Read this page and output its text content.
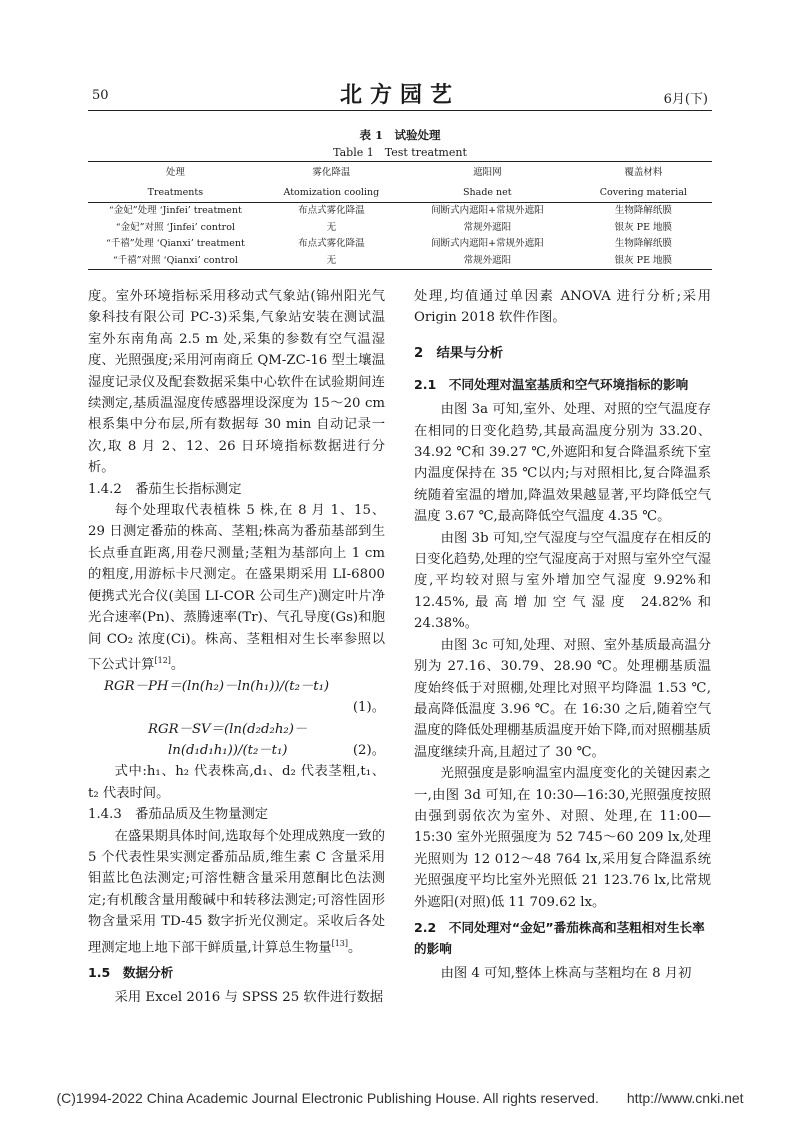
50	北方园艺	6月(下)
表 1　试验处理
Table 1　Test treatment
处理	雾化降温	遮阳网	覆盖材料
Treatments	Atomization cooling	Shade net	Covering material
“金妃”处理 ‘Jinfei’ treatment	布点式雾化降温	间断式内遮阳+常规外遮阳	生物降解纸膜
“金妃”对照 ‘Jinfei’ control	无	常规外遮阳	银灰 PE 地膜
“千禧”处理 ‘Qianxi’ treatment	布点式雾化降温	间断式内遮阳+常规外遮阳	生物降解纸膜
“千禧”对照 ‘Qianxi’ control	无	常规外遮阳	银灰 PE 地膜

度。室外环境指标采用移动式气象站(锦州阳光气象科技有限公司 PC-3)采集,气象站安装在测试温室外东南角高 2.5 m 处,采集的参数有空气温湿度、光照强度;采用河南商丘 QM-ZC-16 型土壤温湿度记录仪及配套数据采集中心软件在试验期间连续测定,基质温湿度传感器埋设深度为 15～20 cm 根系集中分布层,所有数据每 30 min 自动记录一次,取 8 月 2、12、26 日环境指标数据进行分析。

1.4.2　番茄生长指标测定

每个处理取代表植株 5 株,在 8 月 1、15、29 日测定番茄的株高、茎粗;株高为番茄基部到生长点垂直距离,用卷尺测量;茎粗为基部向上 1 cm的粗度,用游标卡尺测定。在盛果期采用 LI-6800便携式光合仪(美国 LI-COR 公司生产)测定叶片净光合速率(Pn)、蒸腾速率(Tr)、气孔导度(Gs)和胞间 CO₂ 浓度(Ci)。株高、茎粗相对生长率参照以下公式计算[12]。

RGR－PH＝(ln(h₂)－ln(h₁))/(t₂－t₁)
(1)。
RGR－SV＝(ln(d₂d₂h₂)－
ln(d₁d₁h₁))/(t₂－t₁)	(2)。

式中:h₁、h₂ 代表株高,d₁、d₂ 代表茎粗,t₁、t₂ 代表时间。

1.4.3　番茄品质及生物量测定

在盛果期具体时间,选取每个处理成熟度一致的 5 个代表性果实测定番茄品质,维生素 C 含量采用钼蓝比色法测定;可溶性糖含量采用蒽酮比色法测定;有机酸含量用酸碱中和转移法测定;可溶性固形物含量采用 TD-45 数字折光仪测定。采收后各处理测定地上地下部干鲜质量,计算总生物量[13]。

1.5　数据分析

采用 Excel 2016 与 SPSS 25 软件进行数据

处理,均值通过单因素 ANOVA 进行分析;采用 Origin 2018 软件作图。

2　结果与分析

2.1　不同处理对温室基质和空气环境指标的影响

由图 3a 可知,室外、处理、对照的空气温度存在相同的日变化趋势,其最高温度分别为 33.20、34.92 ℃和 39.27 ℃,外遮阳和复合降温系统下室内温度保持在 35 ℃以内;与对照相比,复合降温系统随着室温的增加,降温效果越显著,平均降低空气温度 3.67 ℃,最高降低空气温度 4.35 ℃。

由图 3b 可知,空气湿度与空气温度存在相反的日变化趋势,处理的空气湿度高于对照与室外空气湿度,平均较对照与室外增加空气湿度 9.92%和 12.45%,最高增加空气湿度 24.82%和 24.38%。

由图 3c 可知,处理、对照、室外基质最高温分别为 27.16、30.79、28.90 ℃。处理棚基质温度始终低于对照棚,处理比对照平均降温 1.53 ℃,最高降低温度 3.96 ℃。在 16:30 之后,随着空气温度的降低处理棚基质温度开始下降,而对照棚基质温度继续升高,且超过了 30 ℃。

光照强度是影响温室内温度变化的关键因素之一,由图 3d 可知,在 10:30—16:30,光照强度按照由强到弱依次为室外、对照、处理,在 11:00—15:30 室外光照强度为 52 745～60 209 lx,处理光照则为 12 012～48 764 lx,采用复合降温系统光照强度平均比室外光照低 21 123.76 lx,比常规外遮阳(对照)低 11 709.62 lx。

2.2　不同处理对“金妃”番茄株高和茎粗相对生长率的影响

由图 4 可知,整体上株高与茎粗均在 8 月初

(C)1994-2022 China Academic Journal Electronic Publishing House. All rights reserved.　　http://www.cnki.net
